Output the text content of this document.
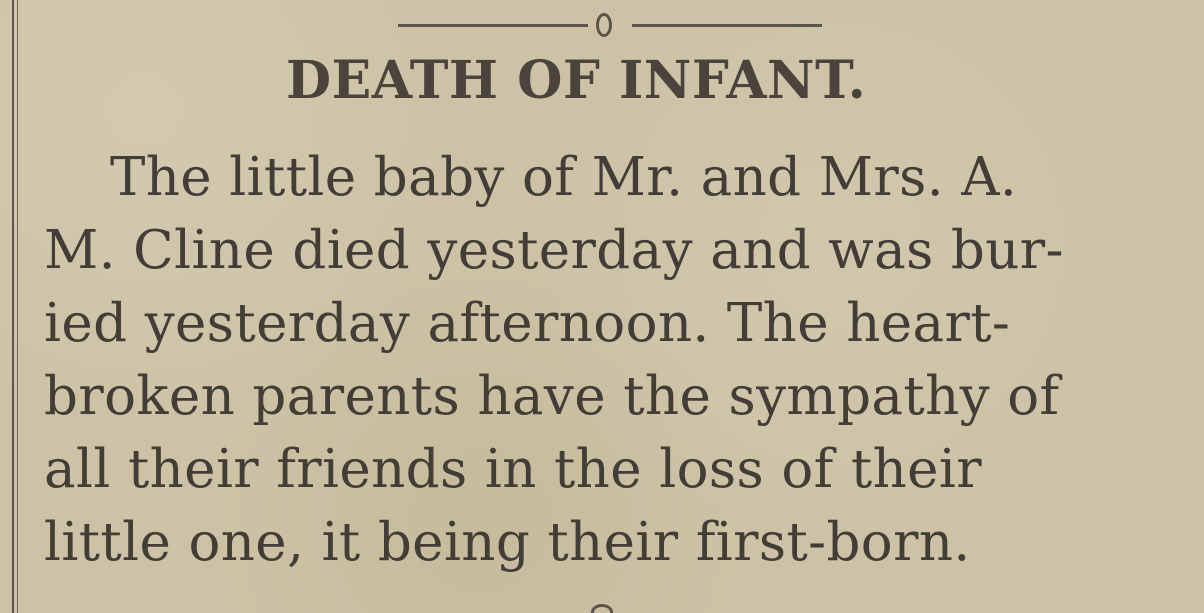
DEATH OF INFANT.
The little baby of Mr. and Mrs. A.
M. Cline died yesterday and was bur-
ied yesterday afternoon. The heart-
broken parents have the sympathy of
all their friends in the loss of their
little one, it being their first-born.
